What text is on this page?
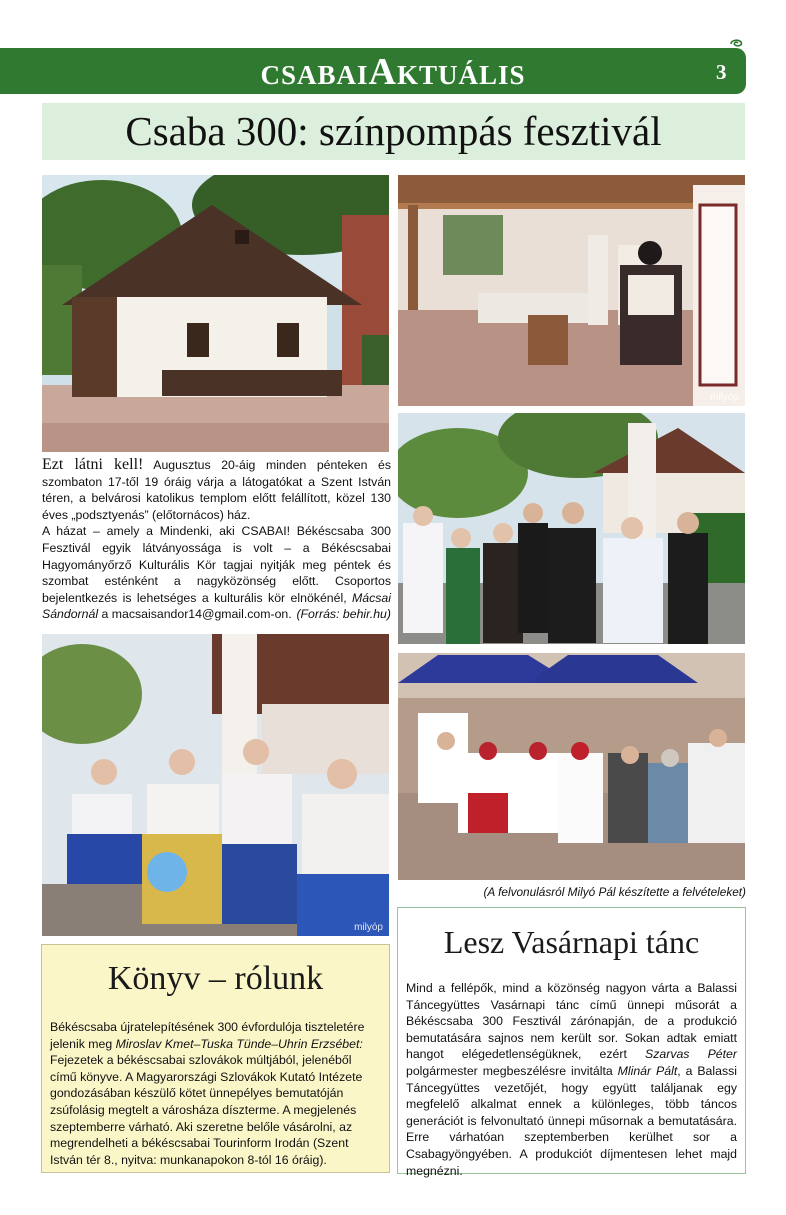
CSABAIAKTUÁLIS	3
Csaba 300: színpompás fesztivál
milyóp
milyóp
Ezt látni kell! Augusztus 20-áig minden pénteken és szombaton 17-től 19 óráig várja a látogatókat a Szent István téren, a belvárosi katolikus templom előtt felállított, közel 130 éves „podsztyenás” (előtornácos) ház.
A házat – amely a Mindenki, aki CSABAI! Békéscsaba 300 Fesztivál egyik látványossága is volt – a Békéscsabai Hagyományőrző Kulturális Kör tagjai nyitják meg péntek és szombat esténként a nagyközönség előtt. Csoportos bejelentkezés is lehetséges a kulturális kör elnökénél, Mácsai Sándornál a macsaisandor14@gmail.com-on. (Forrás: behir.hu)
(A felvonulásról Milyó Pál készítette a felvételeket)
Könyv – rólunk
Békéscsaba újratelepítésének 300 évfordulója tiszteletére jelenik meg Miroslav Kmet–Tuska Tünde–Uhrin Erzsébet: Fejezetek a békéscsabai szlovákok múltjából, jelenéből című könyve. A Magyarországi Szlovákok Kutató Intézete gondozásában készülő kötet ünnepélyes bemutatóján zsúfolásig megtelt a városháza díszterme. A megjelenés szeptemberre várható. Aki szeretne belőle vásárolni, az megrendelheti a békéscsabai Tourinform Irodán (Szent István tér 8., nyitva: munkanapokon 8-tól 16 óráig).
Lesz Vasárnapi tánc
Mind a fellépők, mind a közönség nagyon várta a Balassi Táncegyüttes Vasárnapi tánc című ünnepi műsorát a Békéscsaba 300 Fesztivál zárónapján, de a produkció bemutatására sajnos nem került sor. Sokan adtak emiatt hangot elégedetlenségüknek, ezért Szarvas Péter polgármester megbeszélésre invitálta Mlinár Pált, a Balassi Táncegyüttes vezetőjét, hogy együtt találjanak egy megfelelő alkalmat ennek a különleges, több táncos generációt is felvonultató ünnepi műsornak a bemutatására. Erre várhatóan szeptemberben kerülhet sor a Csabagyöngyében. A produkciót díjmentesen lehet majd megnézni.
